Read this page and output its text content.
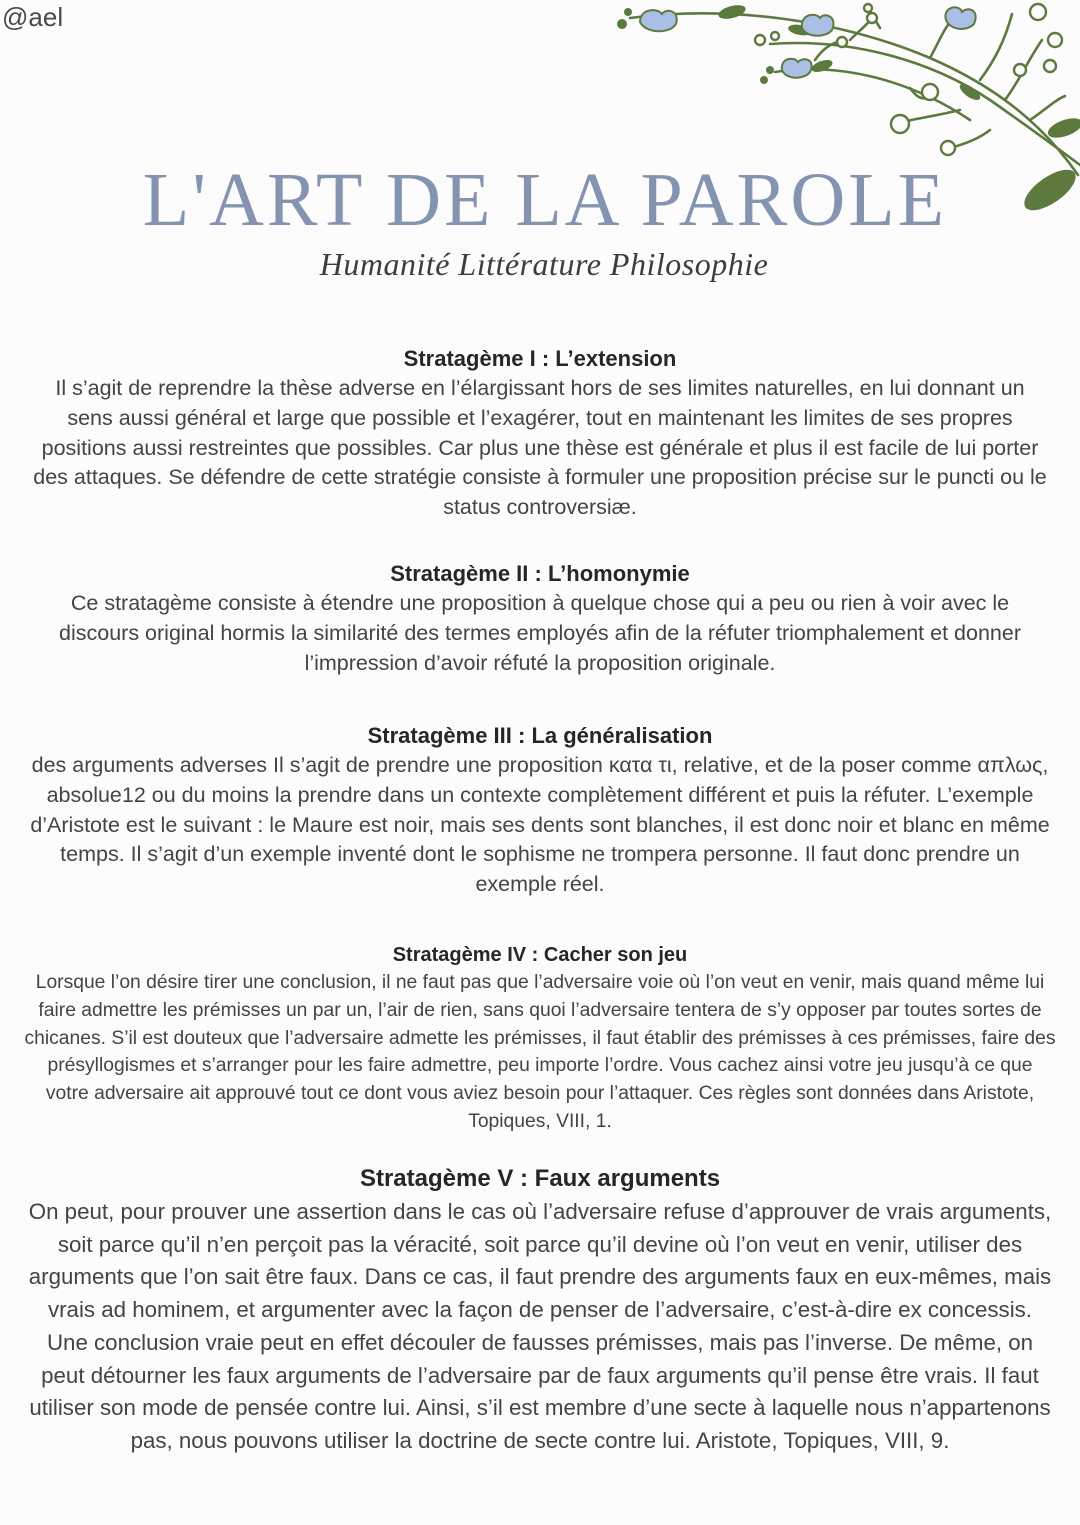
@ael
L'ART DE LA PAROLE
Humanité Littérature Philosophie
Stratagème I : L’extension

Il s’agit de reprendre la thèse adverse en l’élargissant hors de ses limites naturelles, en lui donnant un sens aussi général et large que possible et l’exagérer, tout en maintenant les limites de ses propres positions aussi restreintes que possibles. Car plus une thèse est générale et plus il est facile de lui porter des attaques. Se défendre de cette stratégie consiste à formuler une proposition précise sur le puncti ou le status controversiæ.

Stratagème II : L’homonymie

Ce stratagème consiste à étendre une proposition à quelque chose qui a peu ou rien à voir avec le discours original hormis la similarité des termes employés afin de la réfuter triomphalement et donner l’impression d’avoir réfuté la proposition originale.

Stratagème III : La généralisation

des arguments adverses Il s’agit de prendre une proposition κατα τι, relative, et de la poser comme απλως, absolue12 ou du moins la prendre dans un contexte complètement différent et puis la réfuter. L’exemple d’Aristote est le suivant : le Maure est noir, mais ses dents sont blanches, il est donc noir et blanc en même temps. Il s’agit d’un exemple inventé dont le sophisme ne trompera personne. Il faut donc prendre un exemple réel.

Stratagème IV : Cacher son jeu

Lorsque l’on désire tirer une conclusion, il ne faut pas que l’adversaire voie où l’on veut en venir, mais quand même lui faire admettre les prémisses un par un, l’air de rien, sans quoi l’adversaire tentera de s’y opposer par toutes sortes de chicanes. S’il est douteux que l’adversaire admette les prémisses, il faut établir des prémisses à ces prémisses, faire des présyllogismes et s’arranger pour les faire admettre, peu importe l’ordre. Vous cachez ainsi votre jeu jusqu’à ce que votre adversaire ait approuvé tout ce dont vous aviez besoin pour l’attaquer. Ces règles sont données dans Aristote, Topiques, VIII, 1.

Stratagème V : Faux arguments

On peut, pour prouver une assertion dans le cas où l’adversaire refuse d’approuver de vrais arguments, soit parce qu’il n’en perçoit pas la véracité, soit parce qu’il devine où l’on veut en venir, utiliser des arguments que l’on sait être faux. Dans ce cas, il faut prendre des arguments faux en eux-mêmes, mais vrais ad hominem, et argumenter avec la façon de penser de l’adversaire, c’est-à-dire ex concessis. Une conclusion vraie peut en effet découler de fausses prémisses, mais pas l’inverse. De même, on peut détourner les faux arguments de l’adversaire par de faux arguments qu’il pense être vrais. Il faut utiliser son mode de pensée contre lui. Ainsi, s’il est membre d’une secte à laquelle nous n’appartenons pas, nous pouvons utiliser la doctrine de secte contre lui. Aristote, Topiques, VIII, 9.
